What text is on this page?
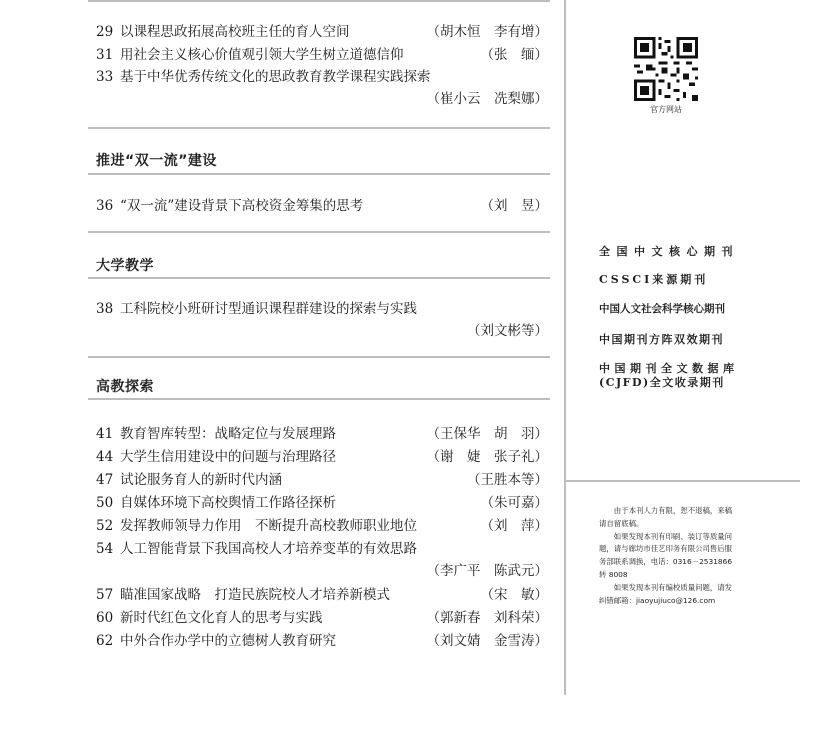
29 以课程思政拓展高校班主任的育人空间	（胡木恒　李有增）
31 用社会主义核心价值观引领大学生树立道德信仰	（张　缅）
33 基于中华优秀传统文化的思政教育教学课程实践探索
（崔小云　冼梨娜）
推进“双一流”建设
36 “双一流”建设背景下高校资金筹集的思考	（刘　昱）
大学教学
38 工科院校小班研讨型通识课程群建设的探索与实践
（刘文彬等）
高教探索
41 教育智库转型：战略定位与发展理路	（王保华　胡　羽）
44 大学生信用建设中的问题与治理路径	（谢　婕　张子礼）
47 试论服务育人的新时代内涵	（王胜本等）
50 自媒体环境下高校舆情工作路径探析	（朱可嘉）
52 发挥教师领导力作用　不断提升高校教师职业地位	（刘　萍）
54 人工智能背景下我国高校人才培养变革的有效思路
（李广平　陈武元）
57 瞄准国家战略　打造民族院校人才培养新模式	（宋　敏）
60 新时代红色文化育人的思考与实践	（郭新春　刘科荣）
62 中外合作办学中的立德树人教育研究	（刘文婧　金雪涛）
官方网站
全国中文核心期刊
CSSCI来源期刊
中国人文社会科学核心期刊
中国期刊方阵双效期刊
中国期刊全文数据库
(CJFD)全文收录期刊

由于本刊人力有限，恕不退稿，来稿请自留底稿。

如果发现本刊有印刷、装订等质量问题，请与廊坊市佳艺印务有限公司售后服务部联系调换，电话：0316－2531866 转 8008

如果发现本刊有编校质量问题，请发纠错邮箱：jiaoyujiuco@126.com
